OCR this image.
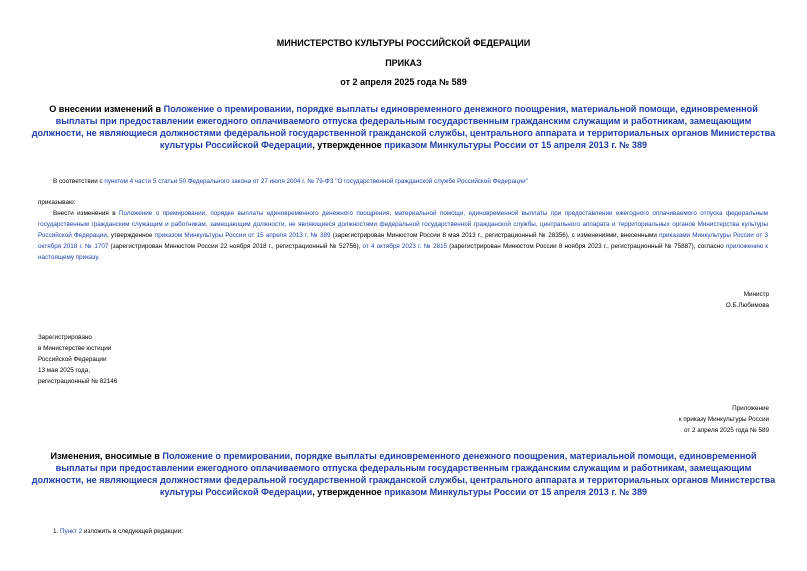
МИНИСТЕРСТВО КУЛЬТУРЫ РОССИЙСКОЙ ФЕДЕРАЦИИ
ПРИКАЗ
от 2 апреля 2025 года № 589
О внесении изменений в Положение о премировании, порядке выплаты единовременного денежного поощрения, материальной помощи, единовременной выплаты при предоставлении ежегодного оплачиваемого отпуска федеральным государственным гражданским служащим и работникам, замещающим должности, не являющиеся должностями федеральной государственной гражданской службы, центрального аппарата и территориальных органов Министерства культуры Российской Федерации, утвержденное приказом Минкультуры России от 15 апреля 2013 г. № 389
В соответствии с пунктом 4 части 5 статьи 50 Федерального закона от 27 июля 2004 г. № 79-ФЗ "О государственной гражданской службе Российской Федерации"
приказываю:
Внести изменения в Положение о премировании, порядке выплаты единовременного денежного поощрения, материальной помощи, единовременной выплаты при предоставлении ежегодного оплачиваемого отпуска федеральным государственным гражданским служащим и работникам, замещающим должности, не являющиеся должностями федеральной государственной гражданской службы, центрального аппарата и территориальных органов Министерства культуры Российской Федерации, утвержденное приказом Минкультуры России от 15 апреля 2013 г. № 389 (зарегистрирован Минюстом России 8 мая 2013 г., регистрационный № 28356), с изменениями, внесенными приказами Минкультуры России от 3 октября 2018 г. № 1707 (зарегистрирован Минюстом России 22 ноября 2018 г., регистрационный № 52756), от 4 октября 2023 г. № 2815 (зарегистрирован Минюстом России 8 ноября 2023 г., регистрационный № 75887), согласно приложению к настоящему приказу.
Министр
О.Б.Любимова
Зарегистрировано
в Министерстве юстиции
Российской Федерации
13 мая 2025 года,
регистрационный № 82146
Приложение
к приказу Минкультуры России
от 2 апреля 2025 года № 589
Изменения, вносимые в Положение о премировании, порядке выплаты единовременного денежного поощрения, материальной помощи, единовременной выплаты при предоставлении ежегодного оплачиваемого отпуска федеральным государственным гражданским служащим и работникам, замещающим должности, не являющиеся должностями федеральной государственной гражданской службы, центрального аппарата и территориальных органов Министерства культуры Российской Федерации, утвержденное приказом Минкультуры России от 15 апреля 2013 г. № 389
1. Пункт 2 изложить в следующей редакции:
